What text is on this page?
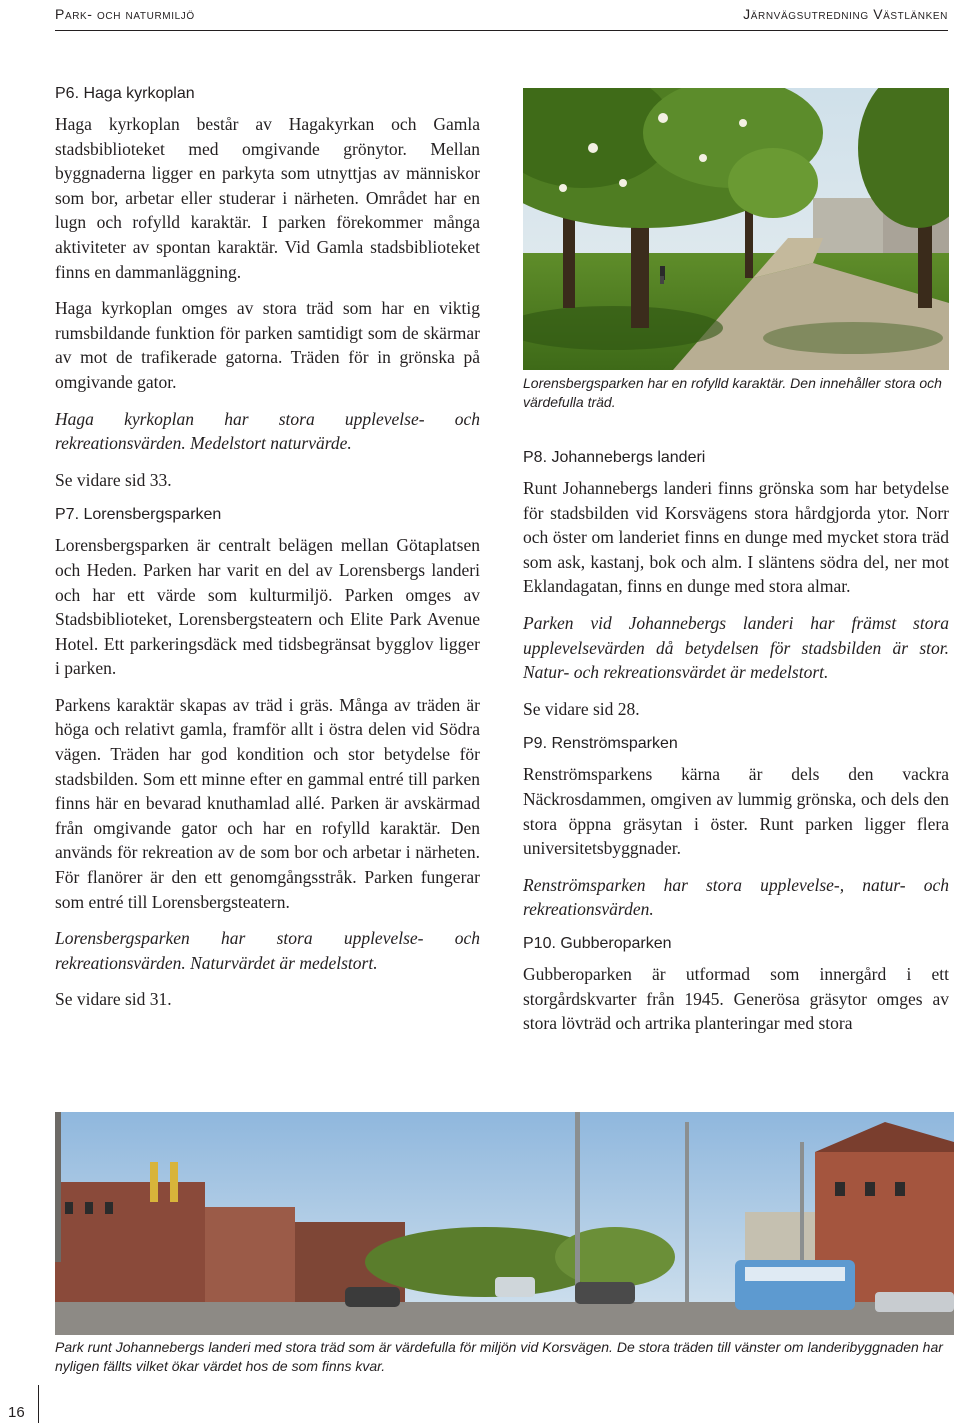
Park- och naturmiljö	Järnvägsutredning Västlänken
P6. Haga kyrkoplan

Haga kyrkoplan består av Hagakyrkan och Gamla stadsbiblioteket med omgivande grönytor. Mellan byggnaderna ligger en parkyta som utnyttjas av människor som bor, arbetar eller studerar i närheten. Området har en lugn och rofylld karaktär. I parken förekommer många aktiviteter av spontan karaktär. Vid Gamla stadsbiblioteket finns en dammanläggning.

Haga kyrkoplan omges av stora träd som har en viktig rumsbildande funktion för parken samtidigt som de skärmar av mot de trafikerade gatorna. Träden för in grönska på omgivande gator.

Haga kyrkoplan har stora upplevelse- och rekreationsvärden. Medelstort naturvärde.

Se vidare sid 33.

P7. Lorensbergsparken

Lorensbergsparken är centralt belägen mellan Götaplatsen och Heden. Parken har varit en del av Lorensbergs landeri och har ett värde som kulturmiljö. Parken omges av Stadsbiblioteket, Lorensbergsteatern och Elite Park Avenue Hotel. Ett parkeringsdäck med tidsbegränsat bygglov ligger i parken.

Parkens karaktär skapas av träd i gräs. Många av träden är höga och relativt gamla, framför allt i östra delen vid Södra vägen. Träden har god kondition och stor betydelse för stadsbilden. Som ett minne efter en gammal entré till parken finns här en bevarad knuthamlad allé. Parken är avskärmad från omgivande gator och har en rofylld karaktär. Den används för rekreation av de som bor och arbetar i närheten. För flanörer är den ett genomgångsstråk. Parken fungerar som entré till Lorensbergsteatern.

Lorensbergsparken har stora upplevelse- och rekreationsvärden. Naturvärdet är medelstort.

Se vidare sid 31.

Lorensbergsparken har en rofylld karaktär. Den innehåller stora och värdefulla träd.
P8. Johannebergs landeri

Runt Johannebergs landeri finns grönska som har betydelse för stadsbilden vid Korsvägens stora hårdgjorda ytor. Norr och öster om landeriet finns en dunge med mycket stora träd som ask, kastanj, bok och alm. I släntens södra del, ner mot Eklandagatan, finns en dunge med stora almar.

Parken vid Johannebergs landeri har främst stora upplevelsevärden då betydelsen för stadsbilden är stor. Natur- och rekreationsvärdet är medelstort.

Se vidare sid 28.

P9. Renströmsparken

Renströmsparkens kärna är dels den vackra Näckrosdammen, omgiven av lummig grönska, och dels den stora öppna gräsytan i öster. Runt parken ligger flera universitetsbyggnader.

Renströmsparken har stora upplevelse-, natur- och rekreationsvärden.

P10. Gubberoparken

Gubberoparken är utformad som innergård i ett storgårdskvarter från 1945. Generösa gräsytor omges av stora lövträd och artrika planteringar med stora

Park runt Johannebergs landeri med stora träd som är värdefulla för miljön vid Korsvägen. De stora träden till vänster om landeribyggnaden har nyligen fällts vilket ökar värdet hos de som finns kvar.
16
